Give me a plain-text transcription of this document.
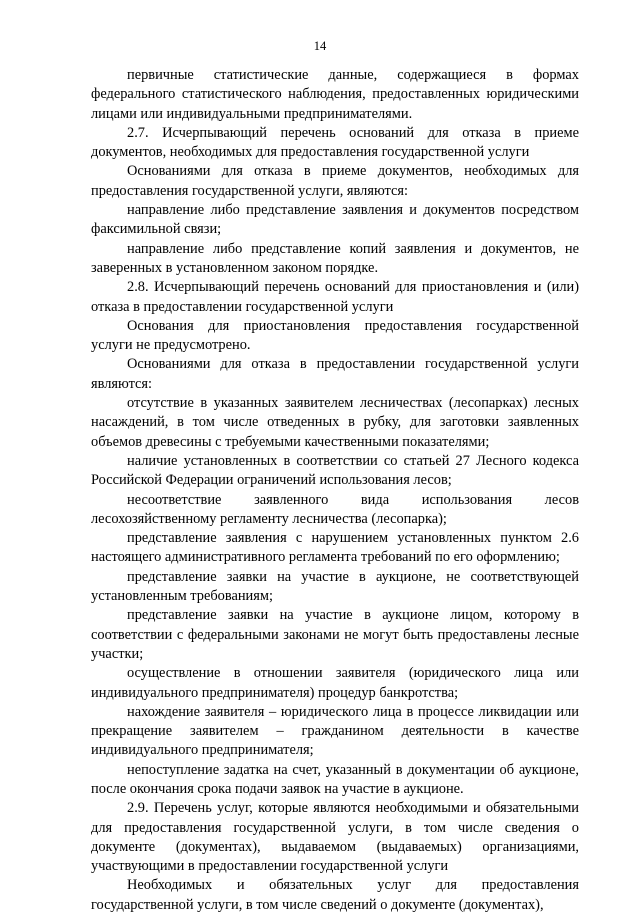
14

первичные статистические данные, содержащиеся в формах федерального статистического наблюдения, предоставленных юридическими лицами или индивидуальными предпринимателями.

2.7. Исчерпывающий перечень оснований для отказа в приеме документов, необходимых для предоставления государственной услуги

Основаниями для отказа в приеме документов, необходимых для предоставления государственной услуги, являются:

направление либо представление заявления и документов посредством факсимильной связи;

направление либо представление копий заявления и документов, не заверенных в установленном законом порядке.

2.8. Исчерпывающий перечень оснований для приостановления и (или) отказа в предоставлении государственной услуги

Основания для приостановления предоставления государственной услуги не предусмотрено.

Основаниями для отказа в предоставлении государственной услуги являются:

отсутствие в указанных заявителем лесничествах (лесопарках) лесных насаждений, в том числе отведенных в рубку, для заготовки заявленных объемов древесины с требуемыми качественными показателями;

наличие установленных в соответствии со статьей 27 Лесного кодекса Российской Федерации ограничений использования лесов;

несоответствие заявленного вида использования лесов лесохозяйственному регламенту лесничества (лесопарка);

представление заявления с нарушением установленных пунктом 2.6 настоящего административного регламента требований по его оформлению;

представление заявки на участие в аукционе, не соответствующей установленным требованиям;

представление заявки на участие в аукционе лицом, которому в соответствии с федеральными законами не могут быть предоставлены лесные участки;

осуществление в отношении заявителя (юридического лица или индивидуального предпринимателя) процедур банкротства;

нахождение заявителя – юридического лица в процессе ликвидации или прекращение заявителем – гражданином деятельности в качестве индивидуального предпринимателя;

непоступление задатка на счет, указанный в документации об аукционе, после окончания срока подачи заявок на участие в аукционе.

2.9. Перечень услуг, которые являются необходимыми и обязательными для предоставления государственной услуги, в том числе сведения о документе (документах), выдаваемом (выдаваемых) организациями, участвующими в предоставлении государственной услуги

Необходимых и обязательных услуг для предоставления государственной услуги, в том числе сведений о документе (документах),
